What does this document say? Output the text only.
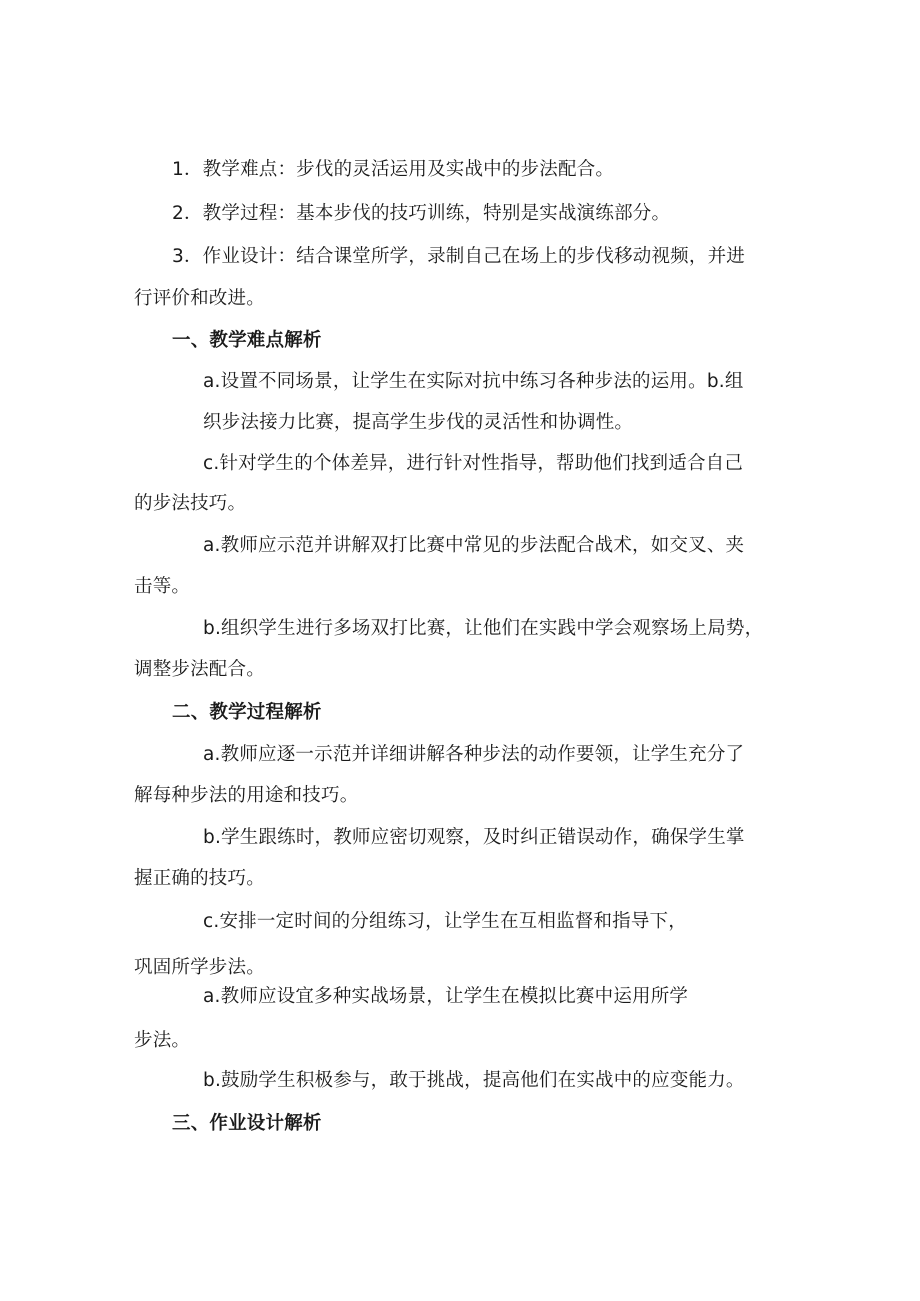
1．教学难点：步伐的灵活运用及实战中的步法配合。
2．教学过程：基本步伐的技巧训练，特别是实战演练部分。
3．作业设计：结合课堂所学，录制自己在场上的步伐移动视频，并进
行评价和改进。
一、教学难点解析
a.设置不同场景，让学生在实际对抗中练习各种步法的运用。b.组
织步法接力比赛，提高学生步伐的灵活性和协调性。
c.针对学生的个体差异，进行针对性指导，帮助他们找到适合自己
的步法技巧。
a.教师应示范并讲解双打比赛中常见的步法配合战术，如交叉、夹
击等。
b.组织学生进行多场双打比赛，让他们在实践中学会观察场上局势，
调整步法配合。
二、教学过程解析
a.教师应逐一示范并详细讲解各种步法的动作要领，让学生充分了
解每种步法的用途和技巧。
b.学生跟练时，教师应密切观察，及时纠正错误动作，确保学生掌
握正确的技巧。
c.安排一定时间的分组练习，让学生在互相监督和指导下，
巩固所学步法。
a.教师应设宜多种实战场景，让学生在模拟比赛中运用所学
步法。
b.鼓励学生积极参与，敢于挑战，提高他们在实战中的应变能力。
三、作业设计解析
